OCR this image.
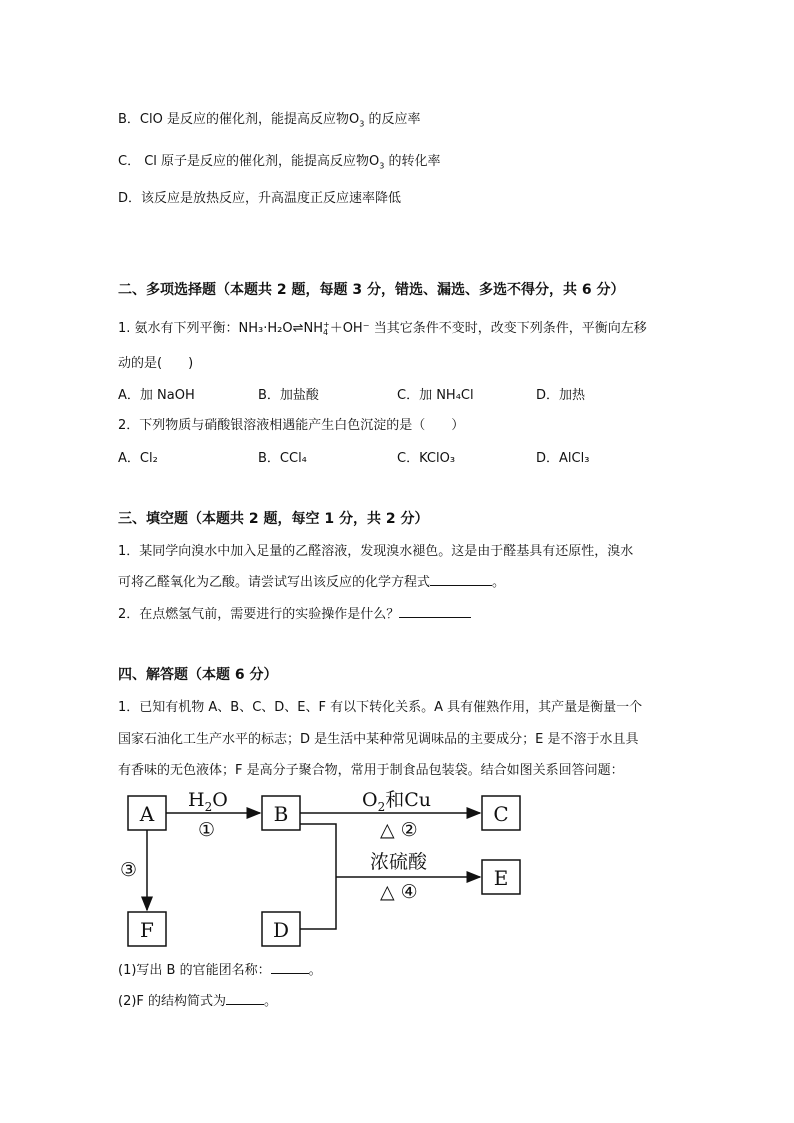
B．ClO 是反应的催化剂，能提高反应物$O_3$ 的反应率
C． Cl 原子是反应的催化剂，能提高反应物$O_3$ 的转化率
D．该反应是放热反应，升高温度正反应速率降低
二、多项选择题（本题共 2 题，每题 3 分，错选、漏选、多选不得分，共 6 分）
1. 氨水有下列平衡：NH₃·H₂O⇌NH +
4 ＋OH⁻ 当其它条件不变时，改变下列条件，平衡向左移
动的是(　　)
A．加 NaOH	B．加盐酸	C．加 NH₄Cl	D．加热
2．下列物质与硝酸银溶液相遇能产生白色沉淀的是（　　）
A．Cl₂	B．CCl₄	C．KClO₃	D．AlCl₃
三、填空题（本题共 2 题，每空 1 分，共 2 分）
1．某同学向溴水中加入足量的乙醛溶液，发现溴水褪色。这是由于醛基具有还原性，溴水
可将乙醛氧化为乙酸。请尝试写出该反应的化学方程式	。
2．在点燃氢气前，需要进行的实验操作是什么？
四、解答题（本题 6 分）
1．已知有机物 A、B、C、D、E、F 有以下转化关系。A 具有催熟作用，其产量是衡量一个
国家石油化工生产水平的标志；D 是生活中某种常见调味品的主要成分；E 是不溶于水且具
有香味的无色液体；F 是高分子聚合物，常用于制食品包装袋。结合如图关系回答问题：
A	B	C
E
F	D
$H_2O$
①
$O_2$和Cu
△ ②
③	浓硫酸
△ ④
(1)写出 B 的官能团名称：	。
(2)F 的结构简式为	。
